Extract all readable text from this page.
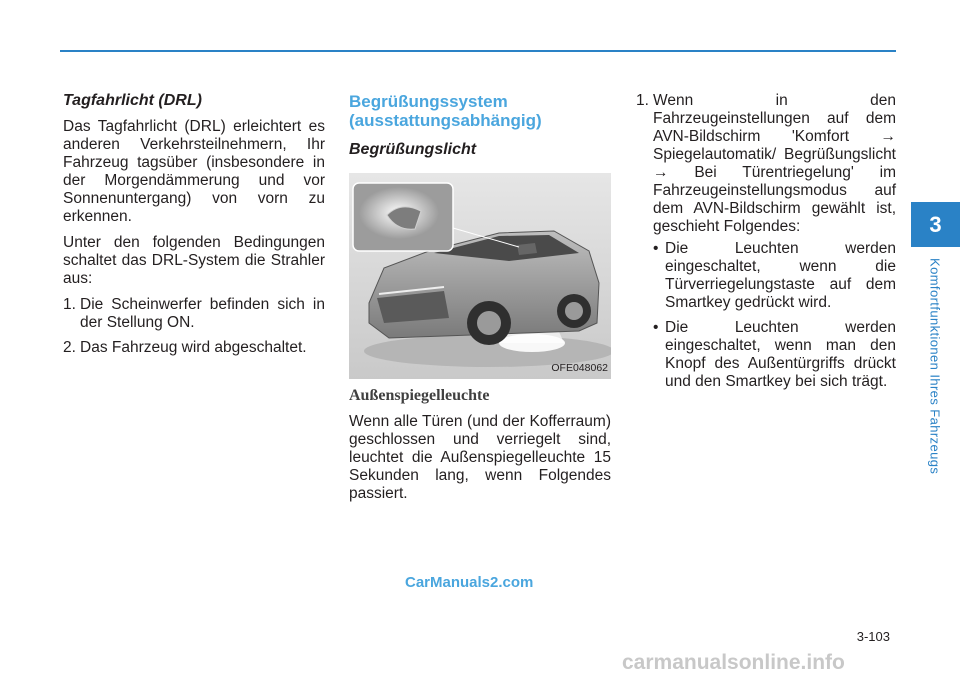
Tagfahrlicht (DRL)

Das Tagfahrlicht (DRL) erleichtert es anderen Verkehrsteilnehmern, Ihr Fahrzeug tagsüber (insbesondere in der Morgendämmerung und vor Sonnenuntergang) von vorn zu erkennen.

Unter den folgenden Bedingungen schaltet das DRL-System die Strahler aus:

1. Die Scheinwerfer befinden sich in der Stellung ON.
2. Das Fahrzeug wird abgeschaltet.
Begrüßungssystem (ausstattungsabhängig)
Begrüßungslicht
OFE048062
Außenspiegelleuchte

Wenn alle Türen (und der Kofferraum) geschlossen und verriegelt sind, leuchtet die Außenspiegelleuchte 15 Sekunden lang, wenn Folgendes passiert.

1. Wenn in den Fahrzeugeinstellungen auf dem AVN-Bildschirm 'Komfort → Spiegelautomatik/ Begrüßungslicht → Bei Türentriegelung' im Fahrzeugeinstellungsmodus auf dem AVN-Bildschirm gewählt ist, geschieht Folgendes:
• Die Leuchten werden eingeschaltet, wenn die Türverriegelungstaste auf dem Smartkey gedrückt wird.
• Die Leuchten werden eingeschaltet, wenn man den Knopf des Außentürgriffs drückt und den Smartkey bei sich trägt.
3
Komfortfunktionen Ihres Fahrzeugs
CarManuals2.com
3-103
carmanualsonline.info
